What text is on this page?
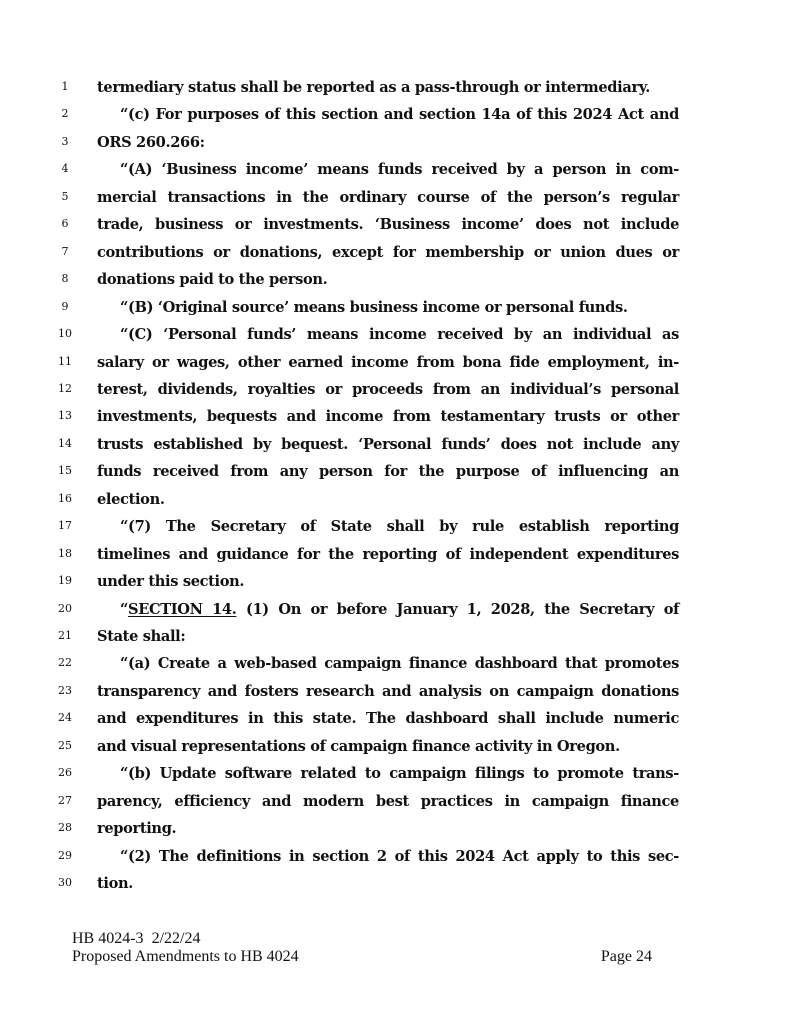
1	termediary status shall be reported as a pass-through or intermediary.
2	“(c) For purposes of this section and section 14a of this 2024 Act and
3	ORS 260.266:
4	“(A) ‘Business income’ means funds received by a person in com-
5	mercial transactions in the ordinary course of the person’s regular
6	trade, business or investments. ‘Business income’ does not include
7	contributions or donations, except for membership or union dues or
8	donations paid to the person.
9	“(B) ‘Original source’ means business income or personal funds.
10	“(C) ‘Personal funds’ means income received by an individual as
11	salary or wages, other earned income from bona fide employment, in-
12	terest, dividends, royalties or proceeds from an individual’s personal
13	investments, bequests and income from testamentary trusts or other
14	trusts established by bequest. ‘Personal funds’ does not include any
15	funds received from any person for the purpose of influencing an
16	election.
17	“(7) The Secretary of State shall by rule establish reporting
18	timelines and guidance for the reporting of independent expenditures
19	under this section.
20	“SECTION 14. (1) On or before January 1, 2028, the Secretary of
21	State shall:
22	“(a) Create a web-based campaign finance dashboard that promotes
23	transparency and fosters research and analysis on campaign donations
24	and expenditures in this state. The dashboard shall include numeric
25	and visual representations of campaign finance activity in Oregon.
26	“(b) Update software related to campaign filings to promote trans-
27	parency, efficiency and modern best practices in campaign finance
28	reporting.
29	“(2) The definitions in section 2 of this 2024 Act apply to this sec-
30	tion.
HB 4024-3 2/22/24
Proposed Amendments to HB 4024	Page 24
